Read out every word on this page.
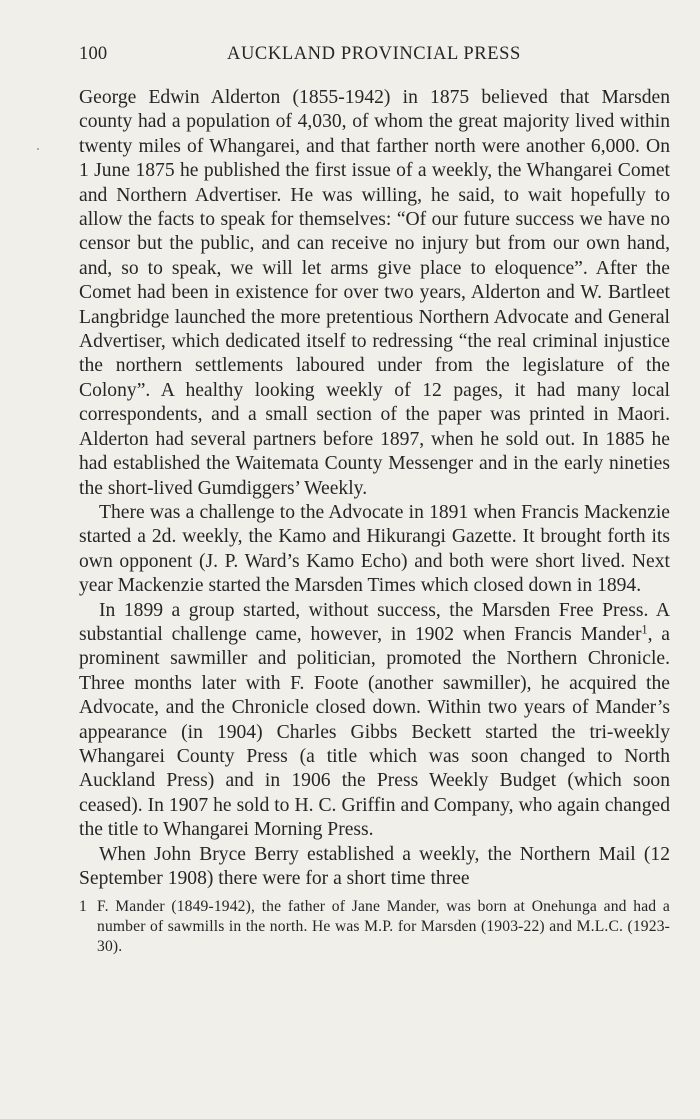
100	AUCKLAND PROVINCIAL PRESS

George Edwin Alderton (1855-1942) in 1875 believed that Marsden county had a population of 4,030, of whom the great majority lived within twenty miles of Whangarei, and that farther north were another 6,000. On 1 June 1875 he published the first issue of a weekly, the Whangarei Comet and Northern Advertiser. He was willing, he said, to wait hopefully to allow the facts to speak for themselves: “Of our future success we have no censor but the public, and can receive no injury but from our own hand, and, so to speak, we will let arms give place to eloquence”. After the Comet had been in existence for over two years, Alderton and W. Bartleet Langbridge launched the more pretentious Northern Advocate and General Advertiser, which dedicated itself to redressing “the real criminal injustice the northern settlements laboured under from the legislature of the Colony”. A healthy looking weekly of 12 pages, it had many local correspondents, and a small section of the paper was printed in Maori. Alderton had several partners before 1897, when he sold out. In 1885 he had established the Waitemata County Messenger and in the early nineties the short-lived Gumdiggers’ Weekly.

There was a challenge to the Advocate in 1891 when Francis Mackenzie started a 2d. weekly, the Kamo and Hikurangi Gazette. It brought forth its own opponent (J. P. Ward’s Kamo Echo) and both were short lived. Next year Mackenzie started the Marsden Times which closed down in 1894.

In 1899 a group started, without success, the Marsden Free Press. A substantial challenge came, however, in 1902 when Francis Mander$^1$, a prominent sawmiller and politician, promoted the Northern Chronicle. Three months later with F. Foote (another sawmiller), he acquired the Advocate, and the Chronicle closed down. Within two years of Mander’s appearance (in 1904) Charles Gibbs Beckett started the tri-weekly Whangarei County Press (a title which was soon changed to North Auckland Press) and in 1906 the Press Weekly Budget (which soon ceased). In 1907 he sold to H. C. Griffin and Company, who again changed the title to Whangarei Morning Press.

When John Bryce Berry established a weekly, the Northern Mail (12 September 1908) there were for a short time three

1 F. Mander (1849-1942), the father of Jane Mander, was born at Onehunga and had a number of sawmills in the north. He was M.P. for Marsden (1903-22) and M.L.C. (1923-30).
